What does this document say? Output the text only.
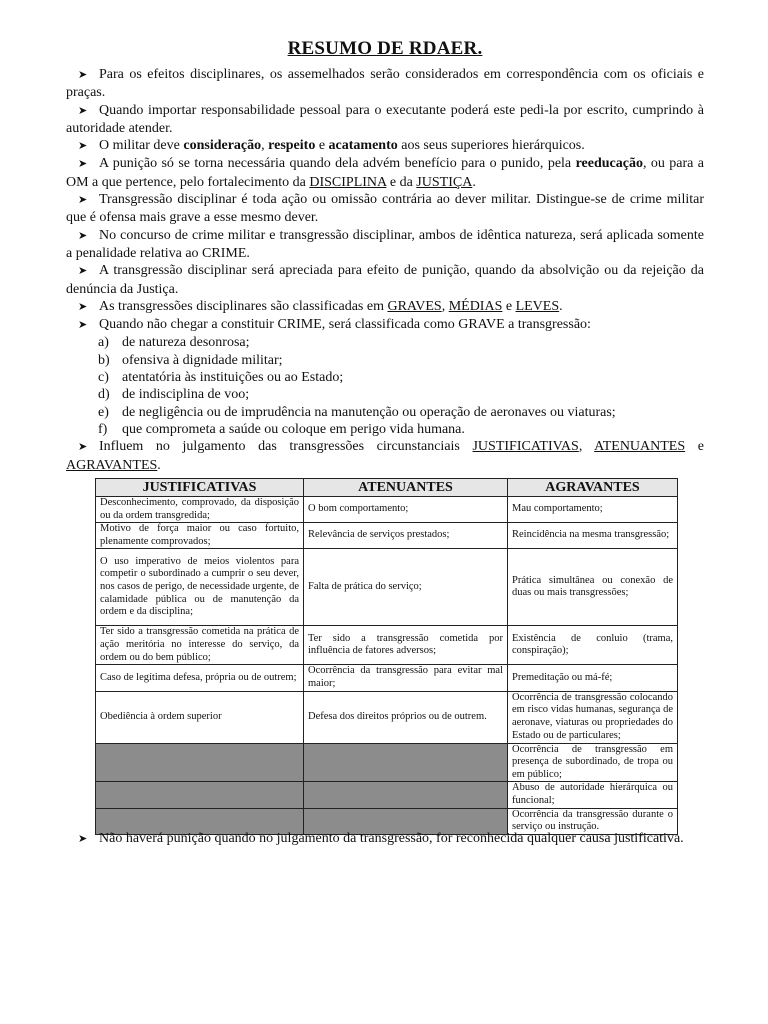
RESUMO DE RDAER.

➤ Para os efeitos disciplinares, os assemelhados serão considerados em correspondência com os oficiais e praças.

➤ Quando importar responsabilidade pessoal para o executante poderá este pedi-la por escrito, cumprindo à autoridade atender.

➤ O militar deve consideração, respeito e acatamento aos seus superiores hierárquicos.

➤ A punição só se torna necessária quando dela advém benefício para o punido, pela reeducação, ou para a OM a que pertence, pelo fortalecimento da DISCIPLINA e da JUSTIÇA.

➤ Transgressão disciplinar é toda ação ou omissão contrária ao dever militar. Distingue-se de crime militar que é ofensa mais grave a esse mesmo dever.

➤ No concurso de crime militar e transgressão disciplinar, ambos de idêntica natureza, será aplicada somente a penalidade relativa ao CRIME.

➤ A transgressão disciplinar será apreciada para efeito de punição, quando da absolvição ou da rejeição da denúncia da Justiça.

➤ As transgressões disciplinares são classificadas em GRAVES, MÉDIAS e LEVES.

➤ Quando não chegar a constituir CRIME, será classificada como GRAVE a transgressão:

a) de natureza desonrosa;

b) ofensiva à dignidade militar;

c) atentatória às instituições ou ao Estado;

d) de indisciplina de voo;

e) de negligência ou de imprudência na manutenção ou operação de aeronaves ou viaturas;

f) que comprometa a saúde ou coloque em perigo vida humana.

➤ Influem no julgamento das transgressões circunstanciais JUSTIFICATIVAS, ATENUANTES e AGRAVANTES.

JUSTIFICATIVAS	ATENUANTES	AGRAVANTES
Desconhecimento, comprovado, da disposição ou da ordem transgredida;	O bom comportamento;	Mau comportamento;
Motivo de força maior ou caso fortuito, plenamente comprovados;	Relevância de serviços prestados;	Reincidência na mesma transgressão;
O uso imperativo de meios violentos para competir o subordinado a cumprir o seu dever, nos casos de perigo, de necessidade urgente, de calamidade pública ou de manutenção da ordem e da disciplina;	Falta de prática do serviço;	Prática simultânea ou conexão de duas ou mais transgressões;
Ter sido a transgressão cometida na prática de ação meritória no interesse do serviço, da ordem ou do bem público;	Ter sido a transgressão cometida por influência de fatores adversos;	Existência de conluio (trama, conspiração);
Caso de legítima defesa, própria ou de outrem;	Ocorrência da transgressão para evitar mal maior;	Premeditação ou má-fé;
Obediência à ordem superior	Defesa dos direitos próprios ou de outrem.	Ocorrência de transgressão colocando em risco vidas humanas, segurança de aeronave, viaturas ou propriedades do Estado ou de particulares;
		Ocorrência de transgressão em presença de subordinado, de tropa ou em público;
		Abuso de autoridade hierárquica ou funcional;
		Ocorrência da transgressão durante o serviço ou instrução.

➤ Não haverá punição quando no julgamento da transgressão, for reconhecida qualquer causa justificativa.
